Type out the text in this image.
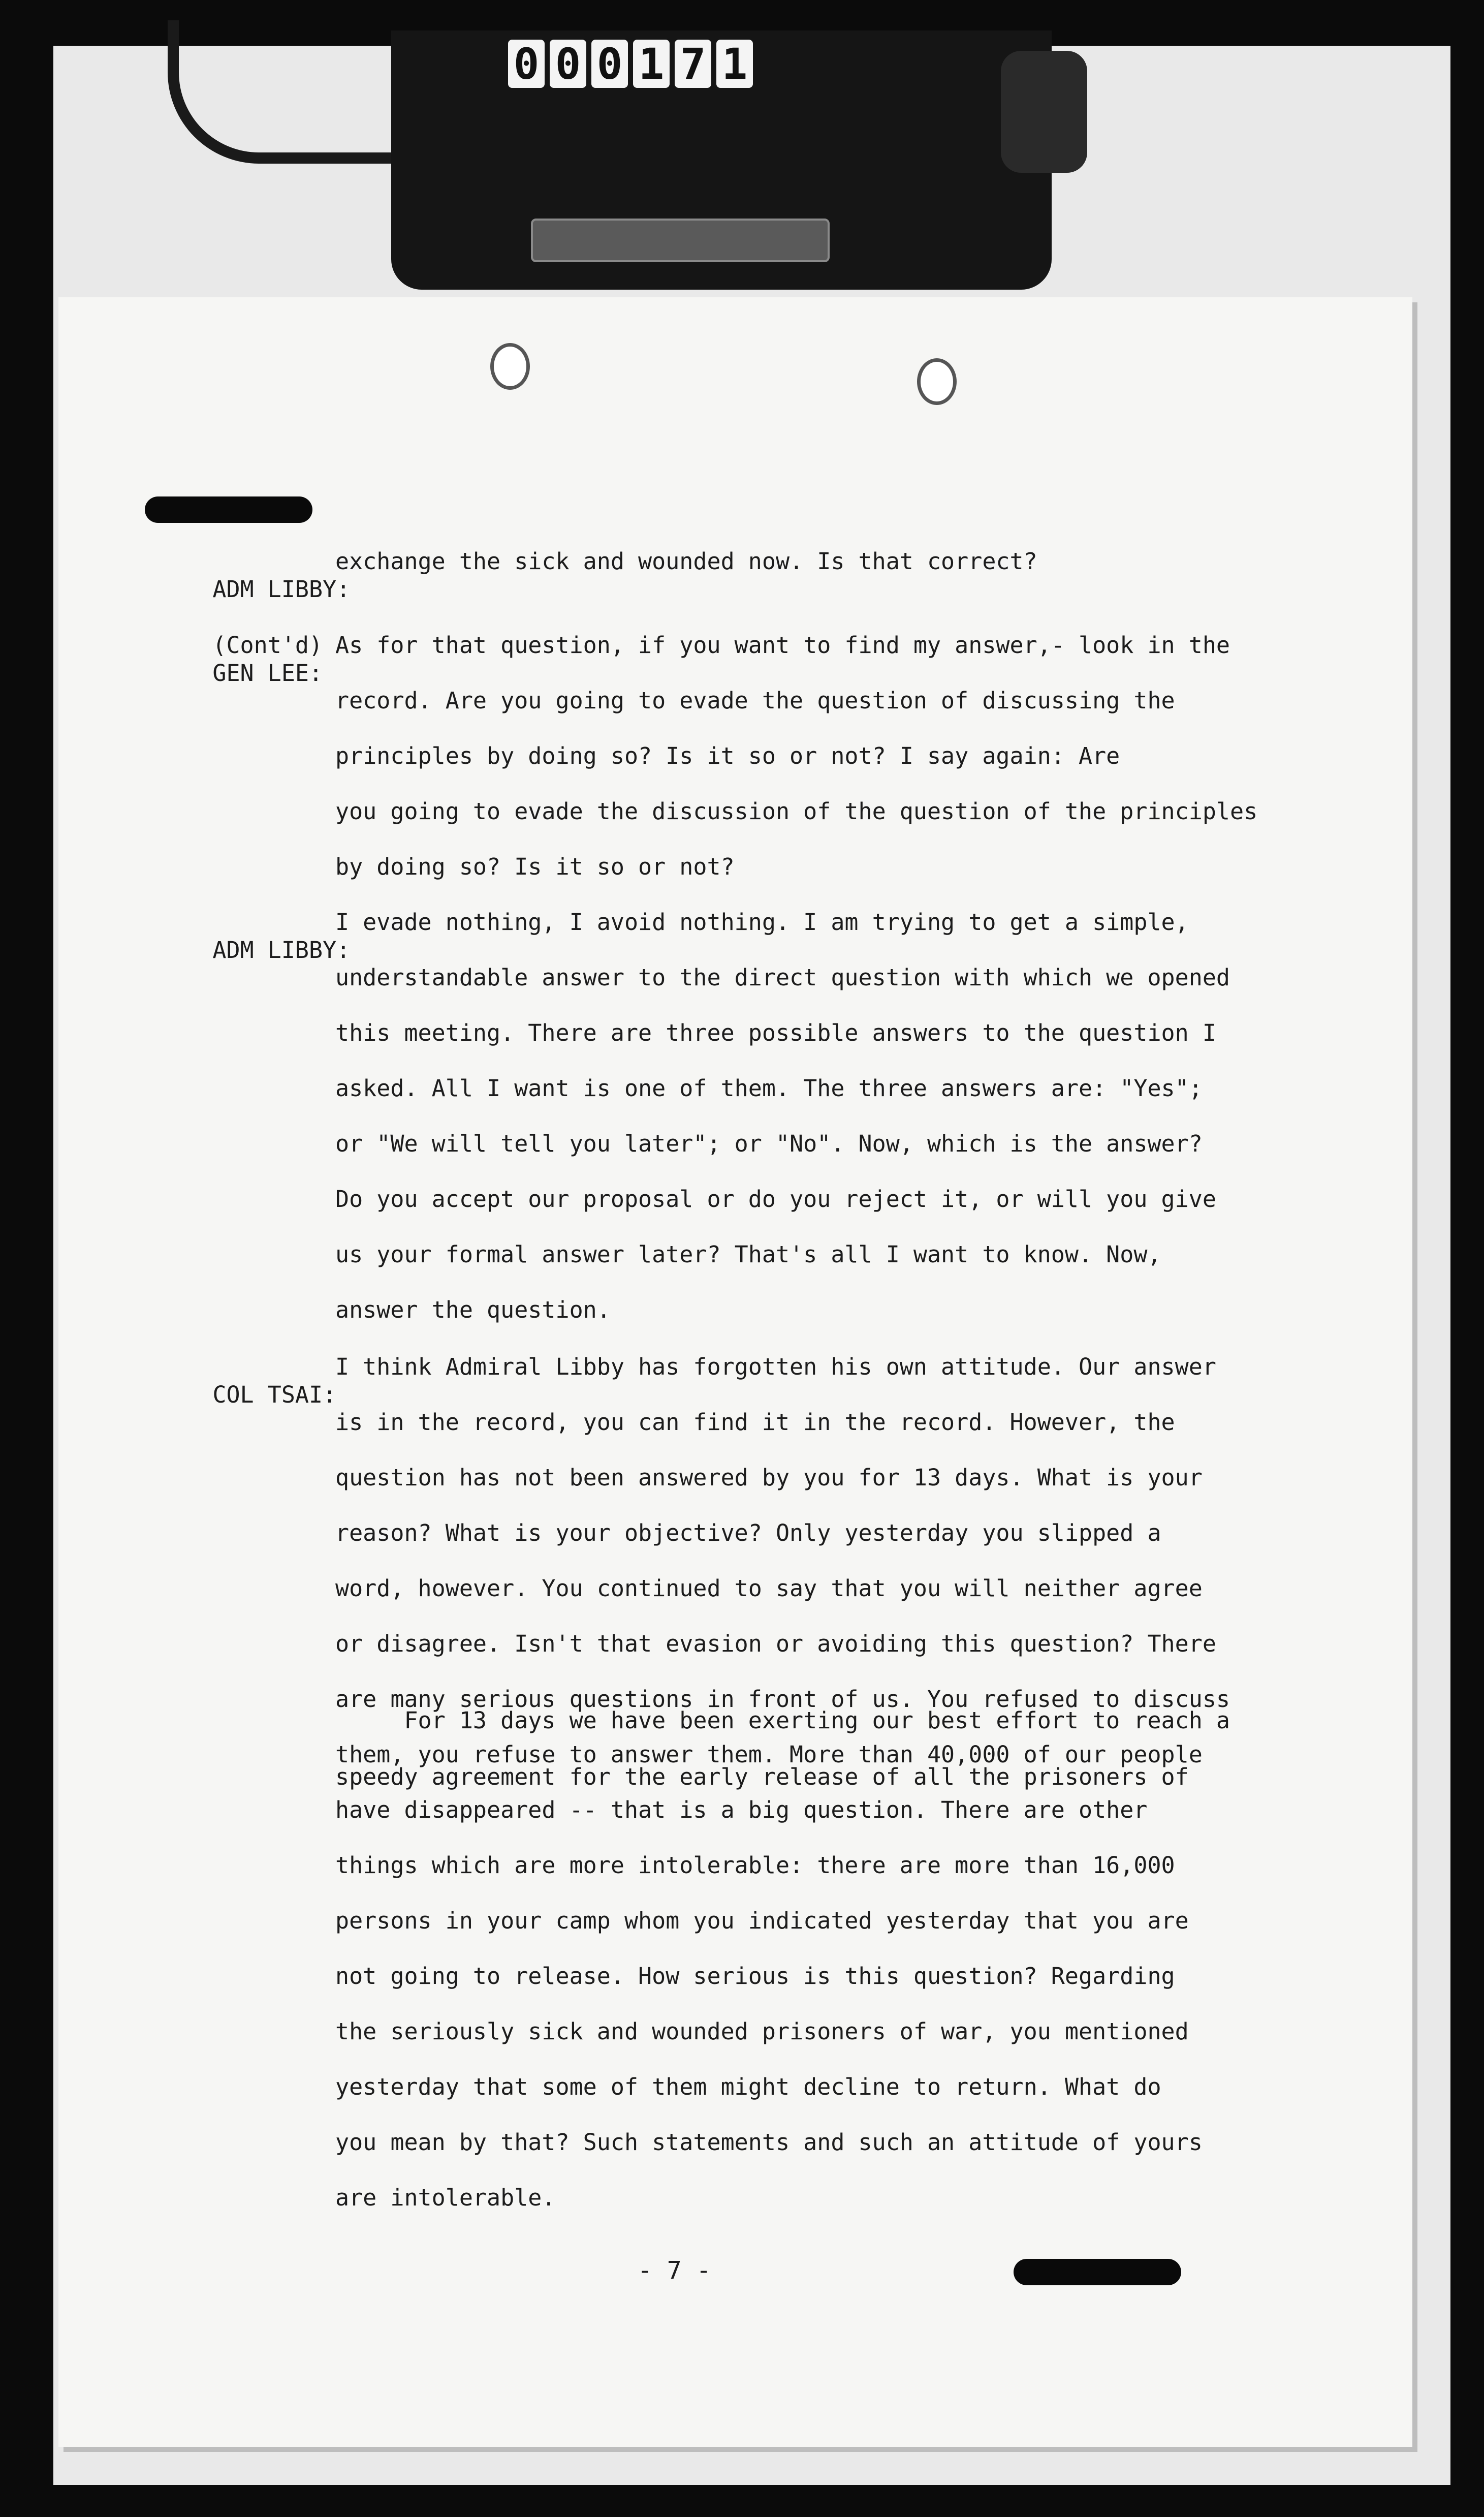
0 0 0 1 7 1

ADM LIBBY:

(Cont'd)

exchange the sick and wounded now. Is that correct?

GEN LEE:

As for that question, if you want to find my answer,- look in the
record. Are you going to evade the question of discussing the
principles by doing so? Is it so or not? I say again: Are
you going to evade the discussion of the question of the principles
by doing so? Is it so or not?

ADM LIBBY:

I evade nothing, I avoid nothing. I am trying to get a simple,
understandable answer to the direct question with which we opened
this meeting. There are three possible answers to the question I
asked. All I want is one of them. The three answers are: "Yes";
or "We will tell you later"; or "No". Now, which is the answer?
Do you accept our proposal or do you reject it, or will you give
us your formal answer later? That's all I want to know. Now,
answer the question.

COL TSAI:

I think Admiral Libby has forgotten his own attitude. Our answer
is in the record, you can find it in the record. However, the
question has not been answered by you for 13 days. What is your
reason? What is your objective? Only yesterday you slipped a
word, however. You continued to say that you will neither agree
or disagree. Isn't that evasion or avoiding this question? There
are many serious questions in front of us. You refused to discuss
them, you refuse to answer them. More than 40,000 of our people
have disappeared -- that is a big question. There are other
things which are more intolerable: there are more than 16,000
persons in your camp whom you indicated yesterday that you are
not going to release. How serious is this question? Regarding
the seriously sick and wounded prisoners of war, you mentioned
yesterday that some of them might decline to return. What do
you mean by that? Such statements and such an attitude of yours
are intolerable.

For 13 days we have been exerting our best effort to reach a
speedy agreement for the early release of all the prisoners of

- 7 -
